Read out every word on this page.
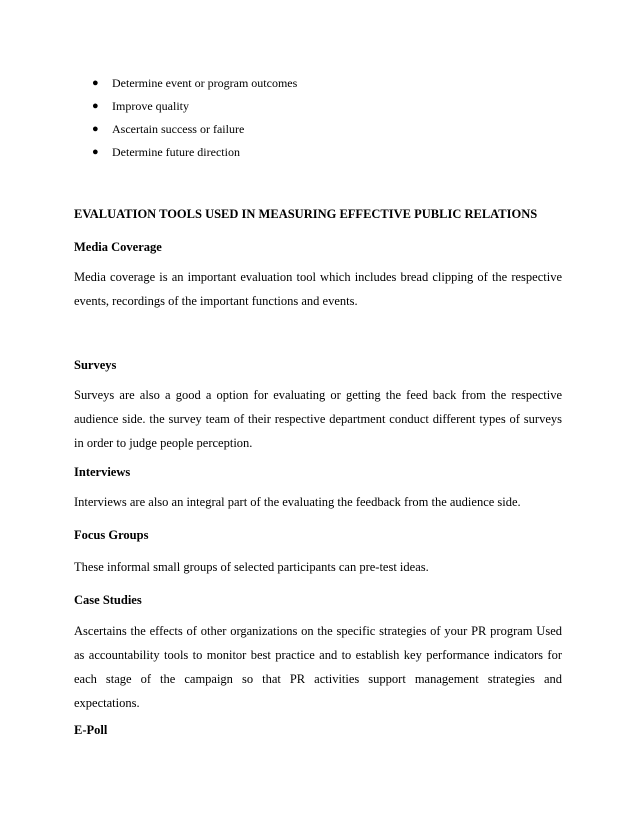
● Determine event or program outcomes
● Improve quality
● Ascertain success or failure
● Determine future direction
EVALUATION TOOLS USED IN MEASURING EFFECTIVE PUBLIC RELATIONS
Media Coverage
Media coverage is an important evaluation tool which includes bread clipping of the respective
events, recordings of the important functions and events.
Surveys
Surveys are also a good a option for evaluating or getting the feed back from the respective
audience side. the survey team of their respective department conduct different types of surveys
in order to judge people perception.
Interviews
Interviews are also an integral part of the evaluating the feedback from the audience side.
Focus Groups
These informal small groups of selected participants can pre-test ideas.
Case Studies
Ascertains the effects of other organizations on the specific strategies of your PR program Used
as accountability tools to monitor best practice and to establish key performance indicators for
each stage of the campaign so that PR activities support management strategies and
expectations.
E-Poll
